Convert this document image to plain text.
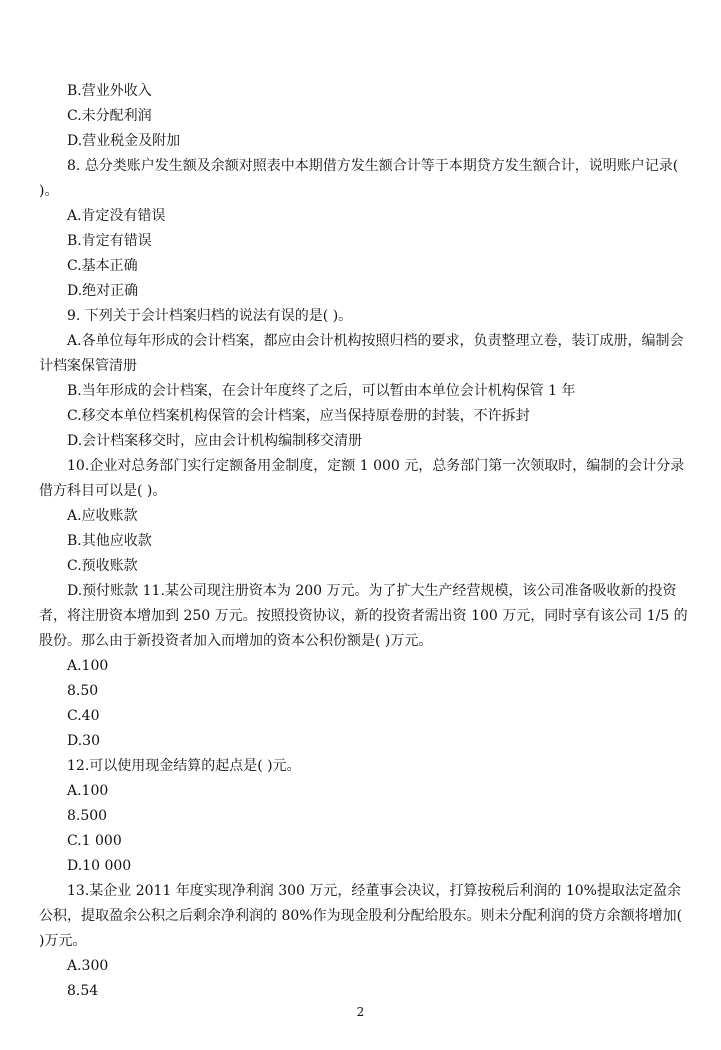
B.营业外收入
C.未分配利润
D.营业税金及附加
8. 总分类账户发生额及余额对照表中本期借方发生额合计等于本期贷方发生额合计，说明账户记录( )。
A.肯定没有错误
B.肯定有错误
C.基本正确
D.绝对正确
9. 下列关于会计档案归档的说法有误的是( )。
A.各单位每年形成的会计档案，都应由会计机构按照归档的要求，负责整理立卷，装订成册，编制会计档案保管清册
B.当年形成的会计档案，在会计年度终了之后，可以暂由本单位会计机构保管 1 年
C.移交本单位档案机构保管的会计档案，应当保持原卷册的封装，不许拆封
D.会计档案移交时，应由会计机构编制移交清册
10.企业对总务部门实行定额备用金制度，定额 1 000 元，总务部门第一次领取时，编制的会计分录借方科目可以是( )。
A.应收账款
B.其他应收款
C.预收账款
D.预付账款 11.某公司现注册资本为 200 万元。为了扩大生产经营规模，该公司准备吸收新的投资者，将注册资本增加到 250 万元。按照投资协议，新的投资者需出资 100 万元，同时享有该公司 1/5 的股份。那么由于新投资者加入而增加的资本公积份额是( )万元。
A.100
8.50
C.40
D.30
12.可以使用现金结算的起点是( )元。
A.100
8.500
C.1 000
D.10 000
13.某企业 2011 年度实现净利润 300 万元，经董事会决议，打算按税后利润的 10%提取法定盈余公积，提取盈余公积之后剩余净利润的 80%作为现金股利分配给股东。则未分配利润的贷方余额将增加( )万元。
A.300
8.54
2
